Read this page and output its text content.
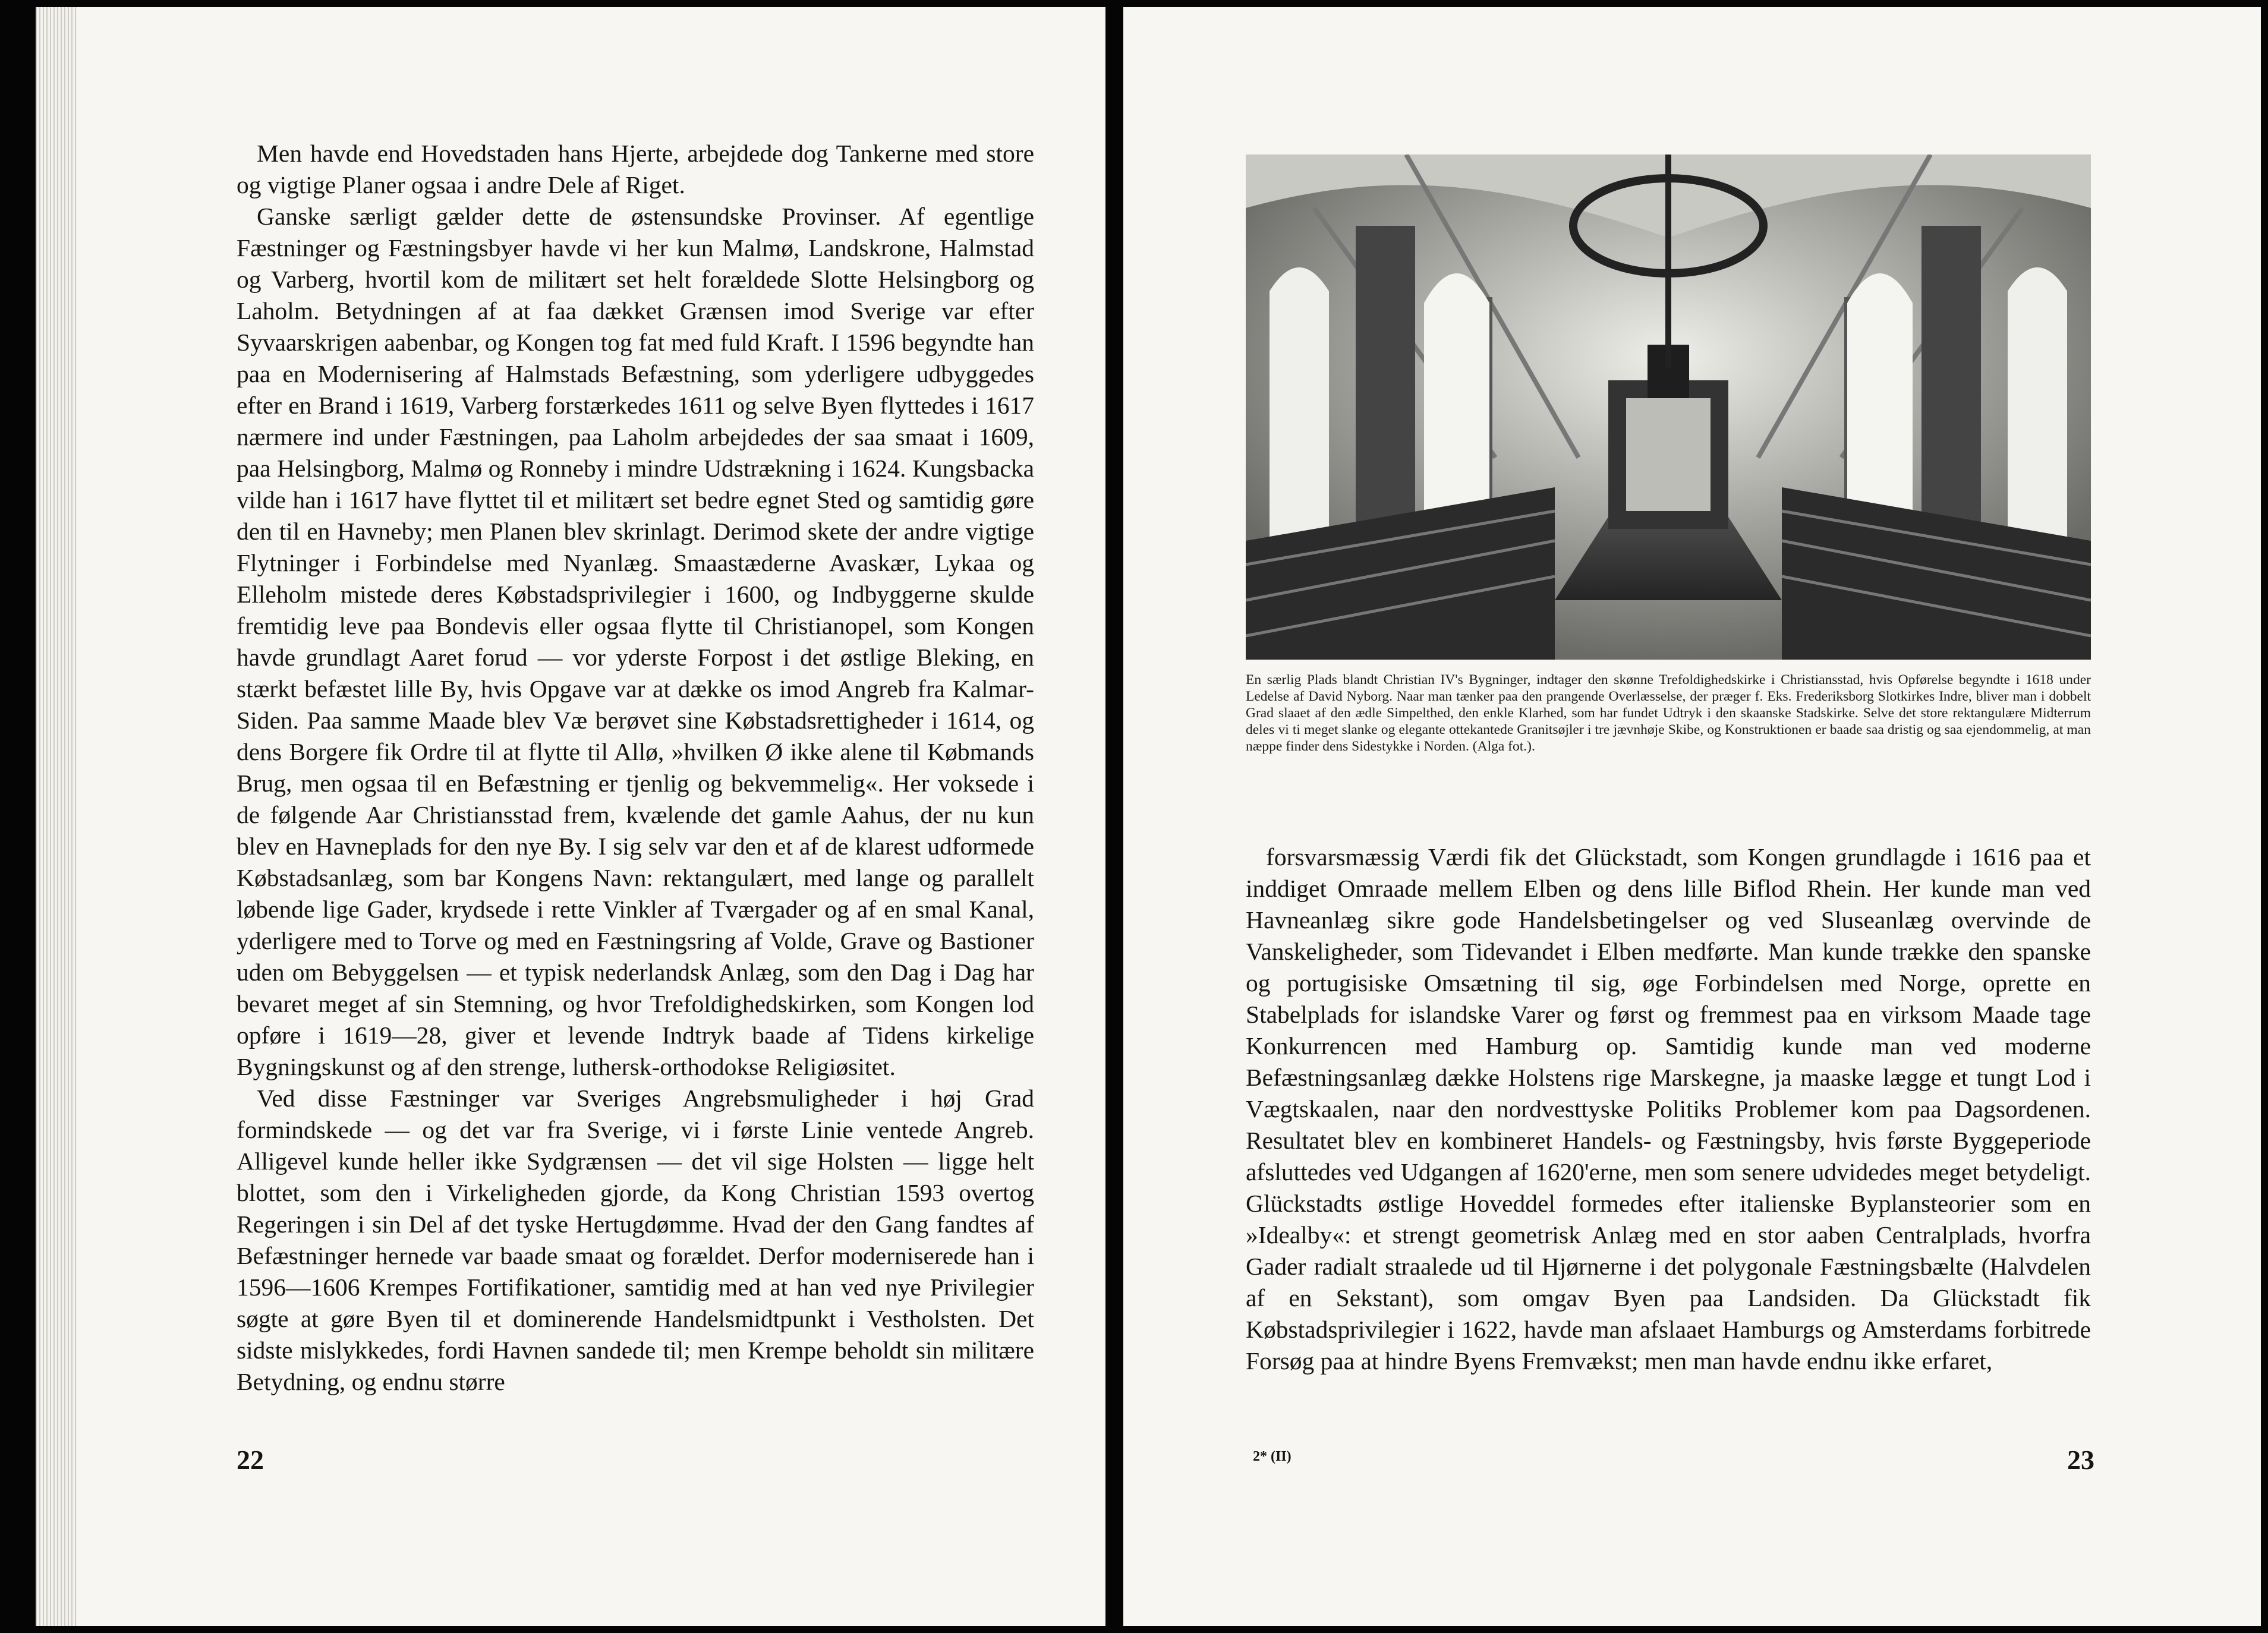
Men havde end Hovedstaden hans Hjerte, arbejdede dog Tankerne med store og vigtige Planer ogsaa i andre Dele af Riget.

Ganske særligt gælder dette de østensundske Provinser. Af egentlige Fæstninger og Fæstningsbyer havde vi her kun Malmø, Landskrone, Halmstad og Varberg, hvortil kom de militært set helt forældede Slotte Helsingborg og Laholm. Betydningen af at faa dækket Grænsen imod Sverige var efter Syvaarskrigen aabenbar, og Kongen tog fat med fuld Kraft. I 1596 begyndte han paa en Modernisering af Halmstads Befæstning, som yderligere udbyggedes efter en Brand i 1619, Varberg forstærkedes 1611 og selve Byen flyttedes i 1617 nærmere ind under Fæstningen, paa Laholm arbejdedes der saa smaat i 1609, paa Helsingborg, Malmø og Ronneby i mindre Udstrækning i 1624. Kungsbacka vilde han i 1617 have flyttet til et militært set bedre egnet Sted og samtidig gøre den til en Havneby; men Planen blev skrinlagt. Derimod skete der andre vigtige Flytninger i Forbindelse med Nyanlæg. Smaastæderne Avaskær, Lykaa og Elleholm mistede deres Købstadsprivilegier i 1600, og Indbyggerne skulde fremtidig leve paa Bondevis eller ogsaa flytte til Christianopel, som Kongen havde grundlagt Aaret forud — vor yderste Forpost i det østlige Bleking, en stærkt befæstet lille By, hvis Opgave var at dække os imod Angreb fra Kalmar-Siden. Paa samme Maade blev Væ berøvet sine Købstadsrettigheder i 1614, og dens Borgere fik Ordre til at flytte til Allø, »hvilken Ø ikke alene til Købmands Brug, men ogsaa til en Befæstning er tjenlig og bekvemmelig«. Her voksede i de følgende Aar Christiansstad frem, kvælende det gamle Aahus, der nu kun blev en Havneplads for den nye By. I sig selv var den et af de klarest udformede Købstadsanlæg, som bar Kongens Navn: rektangulært, med lange og parallelt løbende lige Gader, krydsede i rette Vinkler af Tværgader og af en smal Kanal, yderligere med to Torve og med en Fæstningsring af Volde, Grave og Bastioner uden om Bebyggelsen — et typisk nederlandsk Anlæg, som den Dag i Dag har bevaret meget af sin Stemning, og hvor Trefoldighedskirken, som Kongen lod opføre i 1619—28, giver et levende Indtryk baade af Tidens kirkelige Bygningskunst og af den strenge, luthersk-orthodokse Religiøsitet.

Ved disse Fæstninger var Sveriges Angrebsmuligheder i høj Grad formindskede — og det var fra Sverige, vi i første Linie ventede Angreb. Alligevel kunde heller ikke Sydgrænsen — det vil sige Holsten — ligge helt blottet, som den i Virkeligheden gjorde, da Kong Christian 1593 overtog Regeringen i sin Del af det tyske Hertugdømme. Hvad der den Gang fandtes af Befæstninger hernede var baade smaat og forældet. Derfor moderniserede han i 1596—1606 Krempes Fortifikationer, samtidig med at han ved nye Privilegier søgte at gøre Byen til et dominerende Handelsmidtpunkt i Vestholsten. Det sidste mislykkedes, fordi Havnen sandede til; men Krempe beholdt sin militære Betydning, og endnu større

22
En særlig Plads blandt Christian IV's Bygninger, indtager den skønne Trefoldighedskirke i Christiansstad, hvis Opførelse begyndte i 1618 under Ledelse af David Nyborg. Naar man tænker paa den prangende Overlæsselse, der præger f. Eks. Frederiksborg Slotkirkes Indre, bliver man i dobbelt Grad slaaet af den ædle Simpelthed, den enkle Klarhed, som har fundet Udtryk i den skaanske Stadskirke. Selve det store rektangulære Midterrum deles vi ti meget slanke og elegante ottekantede Granitsøjler i tre jævnhøje Skibe, og Konstruktionen er baade saa dristig og saa ejendommelig, at man næppe finder dens Sidestykke i Norden. (Alga fot.).

forsvarsmæssig Værdi fik det Glückstadt, som Kongen grundlagde i 1616 paa et inddiget Omraade mellem Elben og dens lille Biflod Rhein. Her kunde man ved Havneanlæg sikre gode Handelsbetingelser og ved Sluseanlæg overvinde de Vanskeligheder, som Tidevandet i Elben medførte. Man kunde trække den spanske og portugisiske Omsætning til sig, øge Forbindelsen med Norge, oprette en Stabelplads for islandske Varer og først og fremmest paa en virksom Maade tage Konkurrencen med Hamburg op. Samtidig kunde man ved moderne Befæstningsanlæg dække Holstens rige Marskegne, ja maaske lægge et tungt Lod i Vægtskaalen, naar den nordvesttyske Politiks Problemer kom paa Dagsordenen. Resultatet blev en kombineret Handels- og Fæstningsby, hvis første Byggeperiode afsluttedes ved Udgangen af 1620'erne, men som senere udvidedes meget betydeligt. Glückstadts østlige Hoveddel formedes efter italienske Byplansteorier som en »Idealby«: et strengt geometrisk Anlæg med en stor aaben Centralplads, hvorfra Gader radialt straalede ud til Hjørnerne i det polygonale Fæstningsbælte (Halvdelen af en Sekstant), som omgav Byen paa Landsiden. Da Glückstadt fik Købstadsprivilegier i 1622, havde man afslaaet Hamburgs og Amsterdams forbitrede Forsøg paa at hindre Byens Fremvækst; men man havde endnu ikke erfaret,

2* (II)	23
